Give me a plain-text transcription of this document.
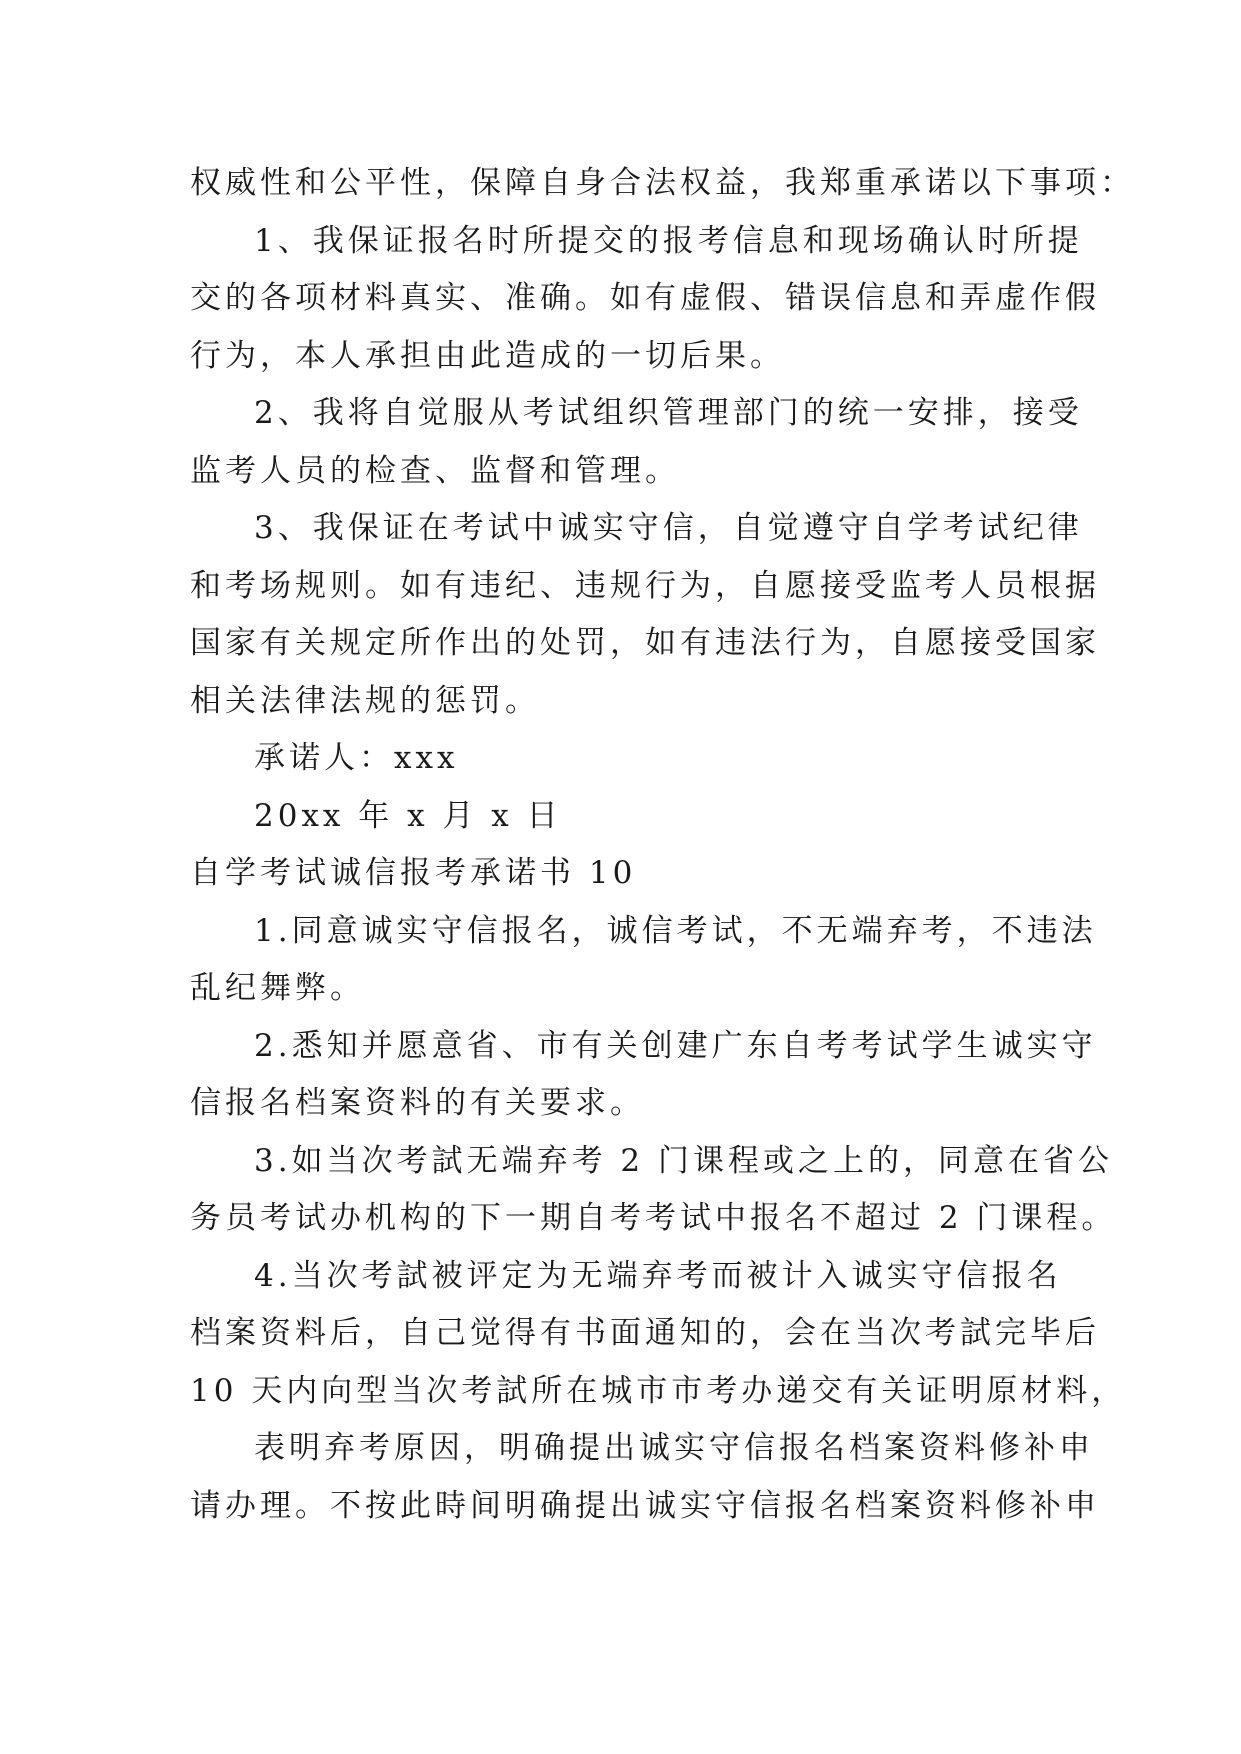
权威性和公平性，保障自身合法权益，我郑重承诺以下事项：
1、我保证报名时所提交的报考信息和现场确认时所提
交的各项材料真实、准确。如有虚假、错误信息和弄虚作假
行为，本人承担由此造成的一切后果。
2、我将自觉服从考试组织管理部门的统一安排，接受
监考人员的检查、监督和管理。
3、我保证在考试中诚实守信，自觉遵守自学考试纪律
和考场规则。如有违纪、违规行为，自愿接受监考人员根据
国家有关规定所作出的处罚，如有违法行为，自愿接受国家
相关法律法规的惩罚。
承诺人：xxx
20xx 年 x 月 x 日
自学考试诚信报考承诺书 10
1.同意诚实守信报名，诚信考试，不无端弃考，不违法
乱纪舞弊。
2.悉知并愿意省、市有关创建广东自考考试学生诚实守
信报名档案资料的有关要求。
3.如当次考試无端弃考 2 门课程或之上的，同意在省公
务员考试办机构的下一期自考考试中报名不超过 2 门课程。
4.当次考試被评定为无端弃考而被计入诚实守信报名
档案资料后，自己觉得有书面通知的，会在当次考試完毕后
10 天内向型当次考試所在城市市考办递交有关证明原材料，
表明弃考原因，明确提出诚实守信报名档案资料修补申
请办理。不按此時间明确提出诚实守信报名档案资料修补申
